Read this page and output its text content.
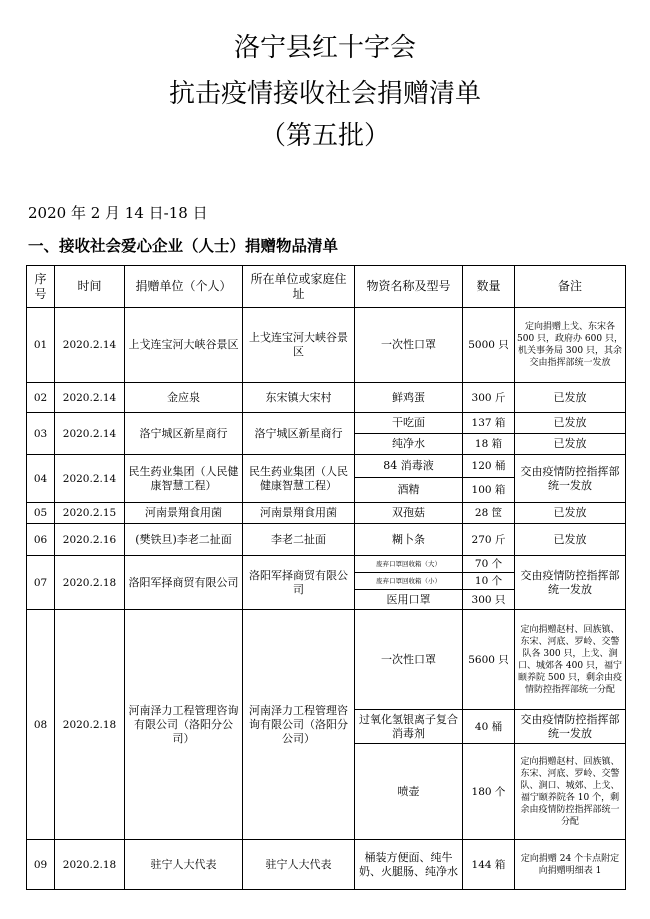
洛宁县红十字会
抗击疫情接收社会捐赠清单
（第五批）
2020 年 2 月 14 日-18 日
一、接收社会爱心企业（人士）捐赠物品清单
序号	时间	捐赠单位（个人）	所在单位或家庭住址	物资名称及型号	数量	备注
01	2020.2.14	上戈连宝河大峡谷景区	上戈连宝河大峡谷景区	一次性口罩	5000 只	定向捐赠上戈、东宋各 500 只，政府办 600 只，机关事务局 300 只，其余交由指挥部统一发放
02	2020.2.14	金应泉	东宋镇大宋村	鲜鸡蛋	300 斤	已发放
03	2020.2.14	洛宁城区新星商行	洛宁城区新星商行	干吃面	137 箱	已发放
				纯净水	18 箱	已发放
04	2020.2.14	民生药业集团（人民健康智慧工程）	民生药业集团（人民健康智慧工程）	84 消毒液	120 桶	交由疫情防控指挥部统一发放
				酒精	100 箱	
05	2020.2.15	河南景翔食用菌	河南景翔食用菌	双孢菇	28 筐	已发放
06	2020.2.16	(樊铁旦)李老二扯面	李老二扯面	糊卜条	270 斤	已发放
07	2020.2.18	洛阳军择商贸有限公司	洛阳军择商贸有限公司	废弃口罩回收箱（大）	70 个	交由疫情防控指挥部统一发放
				废弃口罩回收箱（小）	10 个	
				医用口罩	300 只	
08	2020.2.18	河南泽力工程管理咨询有限公司（洛阳分公司）	河南泽力工程管理咨询有限公司（洛阳分公司）	一次性口罩	5600 只	定向捐赠赵村、回族镇、东宋、河底、罗岭、交警队各 300 只，上戈、涧口、城郊各 400 只，福宁颐养院 500 只，剩余由疫情防控指挥部统一分配
				过氧化氢银离子复合消毒剂	40 桶	交由疫情防控指挥部统一发放
				喷壶	180 个	定向捐赠赵村、回族镇、东宋、河底、罗岭、交警队、涧口、城郊、上戈、福宁颐养院各 10 个，剩余由疫情防控指挥部统一分配
09	2020.2.18	驻宁人大代表	驻宁人大代表	桶装方便面、纯牛奶、火腿肠、纯净水	144 箱	定向捐赠 24 个卡点附定向捐赠明细表 1
